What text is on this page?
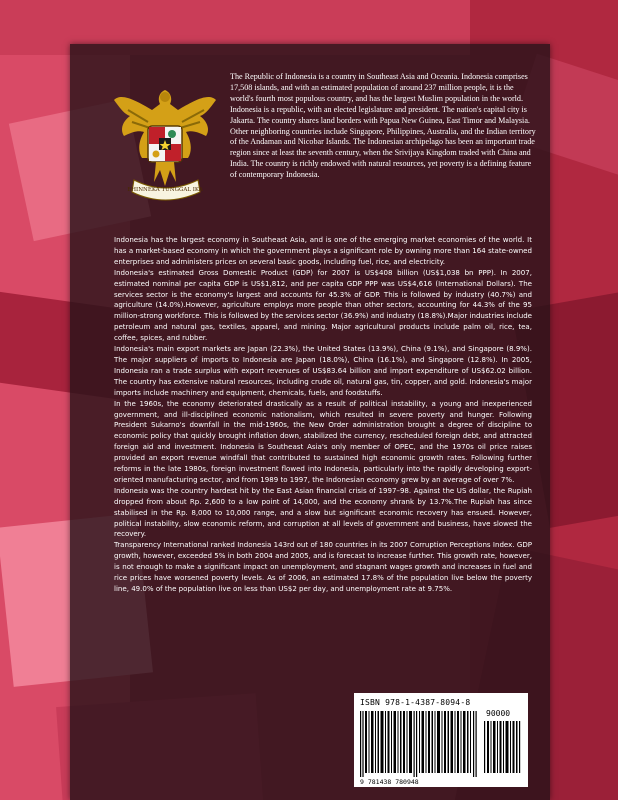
BHINNEKA TUNGGAL IKA

The Republic of Indonesia is a country in Southeast Asia and Oceania. Indonesia comprises 17,508 islands, and with an estimated population of around 237 million people, it is the world's fourth most populous country, and has the largest Muslim population in the world. Indonesia is a republic, with an elected legislature and president. The nation's capital city is Jakarta. The country shares land borders with Papua New Guinea, East Timor and Malaysia. Other neighboring countries include Singapore, Philippines, Australia, and the Indian territory of the Andaman and Nicobar Islands. The Indonesian archipelago has been an important trade region since at least the seventh century, when the Srivijaya Kingdom traded with China and India. The country is richly endowed with natural resources, yet poverty is a defining feature of contemporary Indonesia.

Indonesia has the largest economy in Southeast Asia, and is one of the emerging market economies of the world. It has a market-based economy in which the government plays a significant role by owning more than 164 state-owned enterprises and administers prices on several basic goods, including fuel, rice, and electricity.

Indonesia's estimated Gross Domestic Product (GDP) for 2007 is US$408 billion (US$1,038 bn PPP). In 2007, estimated nominal per capita GDP is US$1,812, and per capita GDP PPP was US$4,616 (International Dollars). The services sector is the economy's largest and accounts for 45.3% of GDP. This is followed by industry (40.7%) and agriculture (14.0%).However, agriculture employs more people than other sectors, accounting for 44.3% of the 95 million-strong workforce. This is followed by the services sector (36.9%) and industry (18.8%).Major industries include petroleum and natural gas, textiles, apparel, and mining. Major agricultural products include palm oil, rice, tea, coffee, spices, and rubber.

Indonesia's main export markets are Japan (22.3%), the United States (13.9%), China (9.1%), and Singapore (8.9%). The major suppliers of imports to Indonesia are Japan (18.0%), China (16.1%), and Singapore (12.8%). In 2005, Indonesia ran a trade surplus with export revenues of US$83.64 billion and import expenditure of US$62.02 billion. The country has extensive natural resources, including crude oil, natural gas, tin, copper, and gold. Indonesia's major imports include machinery and equipment, chemicals, fuels, and foodstuffs.

In the 1960s, the economy deteriorated drastically as a result of political instability, a young and inexperienced government, and ill-disciplined economic nationalism, which resulted in severe poverty and hunger. Following President Sukarno's downfall in the mid-1960s, the New Order administration brought a degree of discipline to economic policy that quickly brought inflation down, stabilized the currency, rescheduled foreign debt, and attracted foreign aid and investment. Indonesia is Southeast Asia's only member of OPEC, and the 1970s oil price raises provided an export revenue windfall that contributed to sustained high economic growth rates. Following further reforms in the late 1980s, foreign investment flowed into Indonesia, particularly into the rapidly developing export-oriented manufacturing sector, and from 1989 to 1997, the Indonesian economy grew by an average of over 7%.

Indonesia was the country hardest hit by the East Asian financial crisis of 1997–98. Against the US dollar, the Rupiah dropped from about Rp. 2,600 to a low point of 14,000, and the economy shrank by 13.7%.The Rupiah has since stabilised in the Rp. 8,000 to 10,000 range, and a slow but significant economic recovery has ensued. However, political instability, slow economic reform, and corruption at all levels of government and business, have slowed the recovery.

Transparency International ranked Indonesia 143rd out of 180 countries in its 2007 Corruption Perceptions Index. GDP growth, however, exceeded 5% in both 2004 and 2005, and is forecast to increase further. This growth rate, however, is not enough to make a significant impact on unemployment, and stagnant wages growth and increases in fuel and rice prices have worsened poverty levels. As of 2006, an estimated 17.8% of the population live below the poverty line, 49.0% of the population live on less than US$2 per day, and unemployment rate at 9.75%.

ISBN 978-1-4387-8094-8
90000
9 781438 780948
